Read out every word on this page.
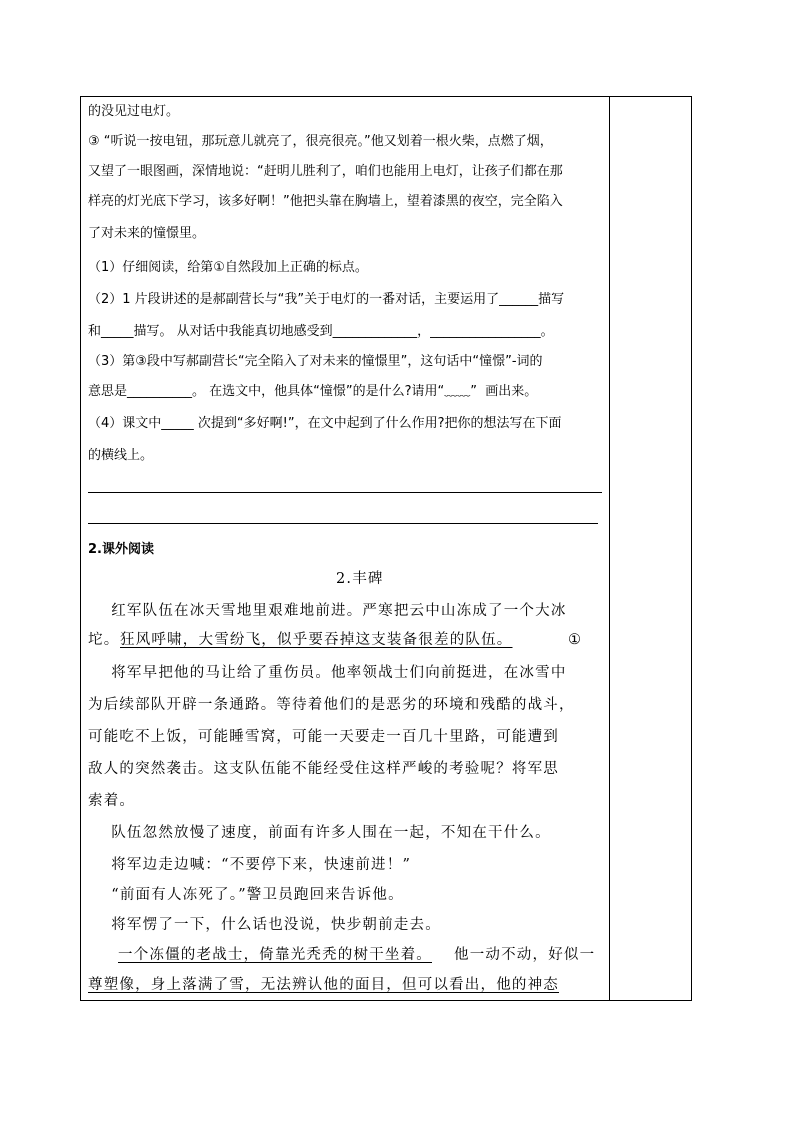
的没见过电灯。
③ “听说一按电钮，那玩意儿就亮了，很亮很亮。”他又划着一根火柴，点燃了烟，
又望了一眼图画，深情地说：“赶明儿胜利了，咱们也能用上电灯，让孩子们都在那
样亮的灯光底下学习，该多好啊！”他把头靠在胸墙上，望着漆黑的夜空，完全陷入
了对未来的憧憬里。
（1）仔细阅读，给第①自然段加上正确的标点。
（2）1 片段讲述的是郝副营长与“我”关于电灯的一番对话，主要运用了______描写
和_____描写。 从对话中我能真切地感受到_____________，_________________。
（3）第③段中写郝副营长“完全陷入了对未来的憧憬里”，这句话中“憧憬”-词的
意思是__________。 在选文中，他具体“憧憬”的是什么?请用“﹏﹏”  画出来。
（4）课文中_____ 次提到“多好啊!”，在文中起到了什么作用?把你的想法写在下面
的横线上。
2.课外阅读
2.丰碑
红军队伍在冰天雪地里艰难地前进。严寒把云中山冻成了一个大冰
坨。 狂风呼啸，大雪纷飞，似乎要吞掉这支装备很差的队伍。	①
将军早把他的马让给了重伤员。他率领战士们向前挺进，在冰雪中
为后续部队开辟一条通路。等待着他们的是恶劣的环境和残酷的战斗，
可能吃不上饭，可能睡雪窝，可能一天要走一百几十里路，可能遭到
敌人的突然袭击。这支队伍能不能经受住这样严峻的考验呢？将军思
索着。
队伍忽然放慢了速度，前面有许多人围在一起，不知在干什么。
将军边走边喊：“不要停下来，快速前进！”
“前面有人冻死了。”警卫员跑回来告诉他。
将军愣了一下，什么话也没说，快步朝前走去。
一个冻僵的老战士，倚靠光秃秃的树干坐着。 他一动不动，好似一
尊塑像，身上落满了雪，无法辨认他的面目，但可以看出，他的神态
